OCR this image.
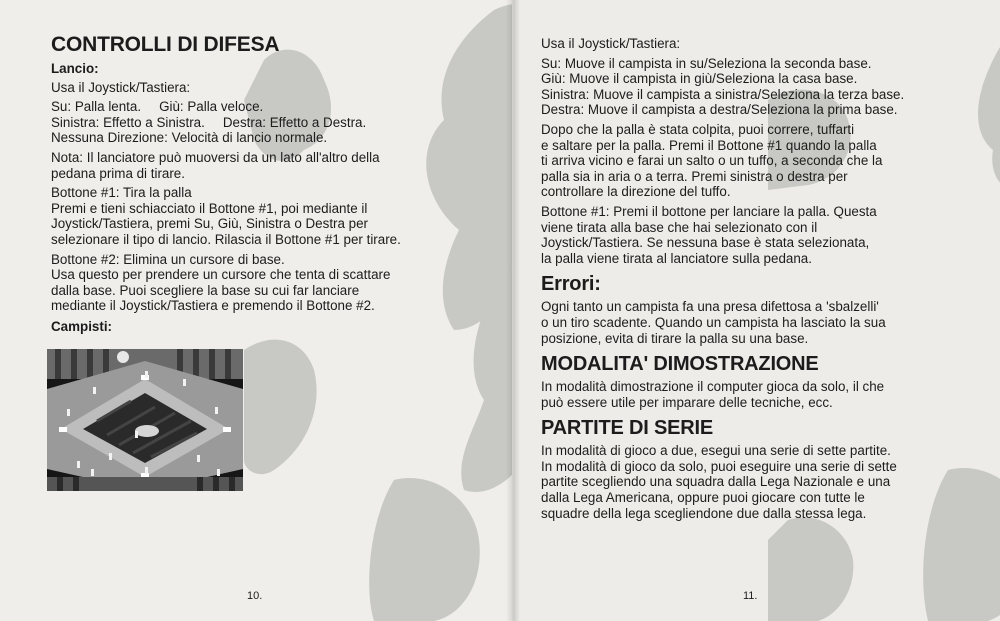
CONTROLLI DI DIFESA
Lancio:

Usa il Joystick/Tastiera:

Su: Palla lenta. Giù: Palla veloce.
Sinistra: Effetto a Sinistra. Destra: Effetto a Destra.

Nessuna Direzione: Velocità di lancio normale.

Nota: Il lanciatore può muoversi da un lato all'altro della
pedana prima di tirare.

Bottone #1: Tira la palla

Premi e tieni schiacciato il Bottone #1, poi mediante il
Joystick/Tastiera, premi Su, Giù, Sinistra o Destra per
selezionare il tipo di lancio. Rilascia il Bottone #1 per tirare.

Bottone #2: Elimina un cursore di base.

Usa questo per prendere un cursore che tenta di scattare
dalla base. Puoi scegliere la base su cui far lanciare
mediante il Joystick/Tastiera e premendo il Bottone #2.

Campisti:
10.

Usa il Joystick/Tastiera:

Su: Muove il campista in su/Seleziona la seconda base.
Giù: Muove il campista in giù/Seleziona la casa base.
Sinistra: Muove il campista a sinistra/Seleziona la terza base.

Destra: Muove il campista a destra/Seleziona la prima base.

Dopo che la palla è stata colpita, puoi correre, tuffarti
e saltare per la palla. Premi il Bottone #1 quando la palla
ti arriva vicino e farai un salto o un tuffo, a seconda che la
palla sia in aria o a terra. Premi sinistra o destra per
controllare la direzione del tuffo.

Bottone #1: Premi il bottone per lanciare la palla. Questa
viene tirata alla base che hai selezionato con il
Joystick/Tastiera. Se nessuna base è stata selezionata,
la palla viene tirata al lanciatore sulla pedana.

Errori:

Ogni tanto un campista fa una presa difettosa a 'sbalzelli'
o un tiro scadente. Quando un campista ha lasciato la sua
posizione, evita di tirare la palla su una base.

MODALITA' DIMOSTRAZIONE

In modalità dimostrazione il computer gioca da solo, il che
può essere utile per imparare delle tecniche, ecc.

PARTITE DI SERIE

In modalità di gioco a due, esegui una serie di sette partite.
In modalità di gioco da solo, puoi eseguire una serie di sette
partite scegliendo una squadra dalla Lega Nazionale e una
dalla Lega Americana, oppure puoi giocare con tutte le
squadre della lega scegliendone due dalla stessa lega.

11.
